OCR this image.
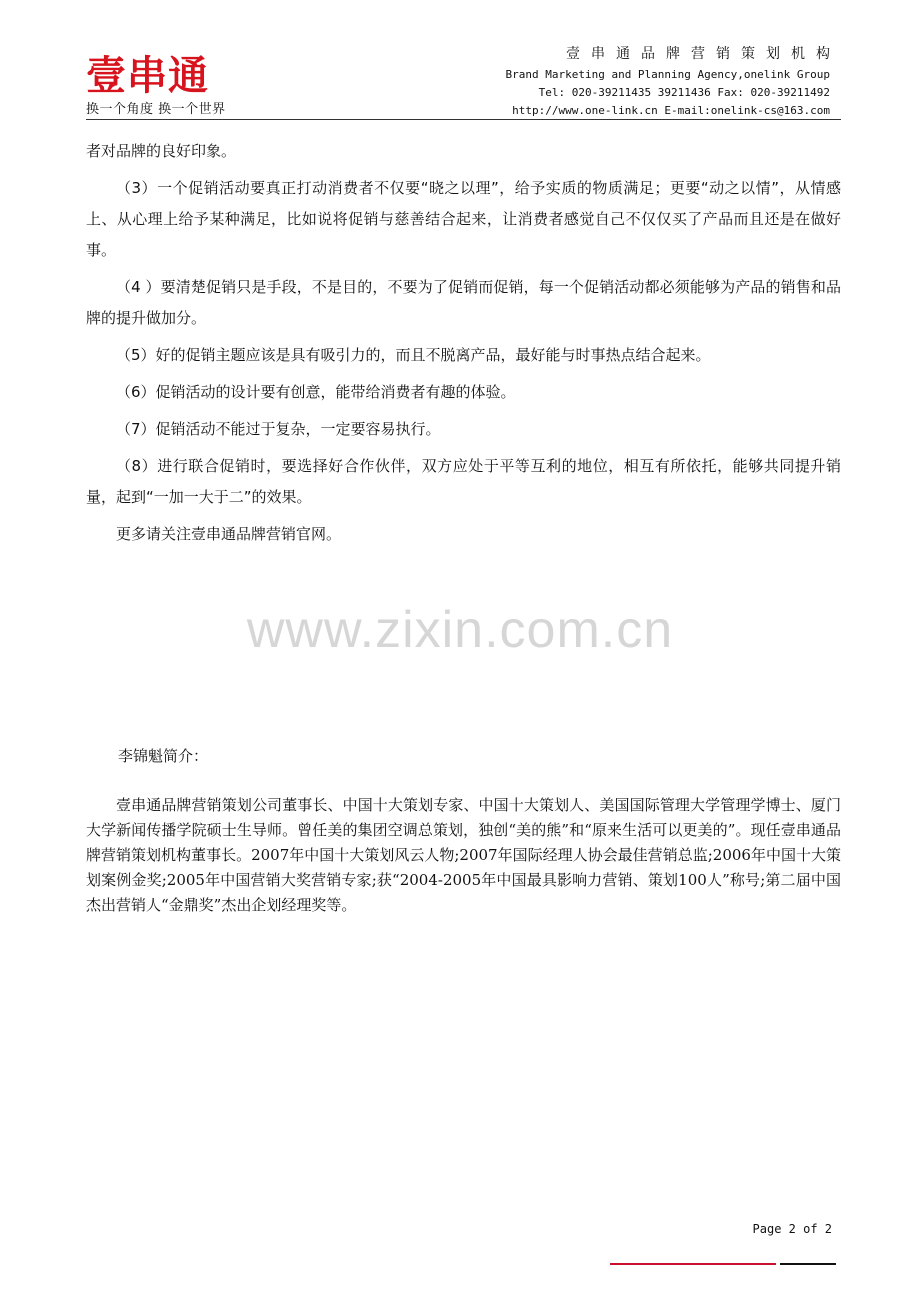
壹串通
换一个角度 换一个世界
壹串通品牌营销策划机构
Brand Marketing and Planning Agency,onelink Group
Tel: 020-39211435 39211436 Fax: 020-39211492
http://www.one-link.cn E-mail:onelink-cs@163.com

者对品牌的良好印象。

（3）一个促销活动要真正打动消费者不仅要“晓之以理”，给予实质的物质满足；更要“动之以情”，从情感上、从心理上给予某种满足，比如说将促销与慈善结合起来，让消费者感觉自己不仅仅买了产品而且还是在做好事。

（4 ）要清楚促销只是手段，不是目的，不要为了促销而促销，每一个促销活动都必须能够为产品的销售和品牌的提升做加分。

（5）好的促销主题应该是具有吸引力的，而且不脱离产品，最好能与时事热点结合起来。

（6）促销活动的设计要有创意，能带给消费者有趣的体验。

（7）促销活动不能过于复杂，一定要容易执行。

（8）进行联合促销时，要选择好合作伙伴，双方应处于平等互利的地位，相互有所依托，能够共同提升销量，起到“一加一大于二”的效果。

更多请关注壹串通品牌营销官网。

www.zixin.com.cn
李锦魁简介：

壹串通品牌营销策划公司董事长、中国十大策划专家、中国十大策划人、美国国际管理大学管理学博士、厦门大学新闻传播学院硕士生导师。曾任美的集团空调总策划，独创“美的熊”和“原来生活可以更美的”。现任壹串通品牌营销策划机构董事长。2007年中国十大策划风云人物;2007年国际经理人协会最佳营销总监;2006年中国十大策划案例金奖;2005年中国营销大奖营销专家;获“2004-2005年中国最具影响力营销、策划100人”称号;第二届中国杰出营销人“金鼎奖”杰出企划经理奖等。

Page 2 of 2
